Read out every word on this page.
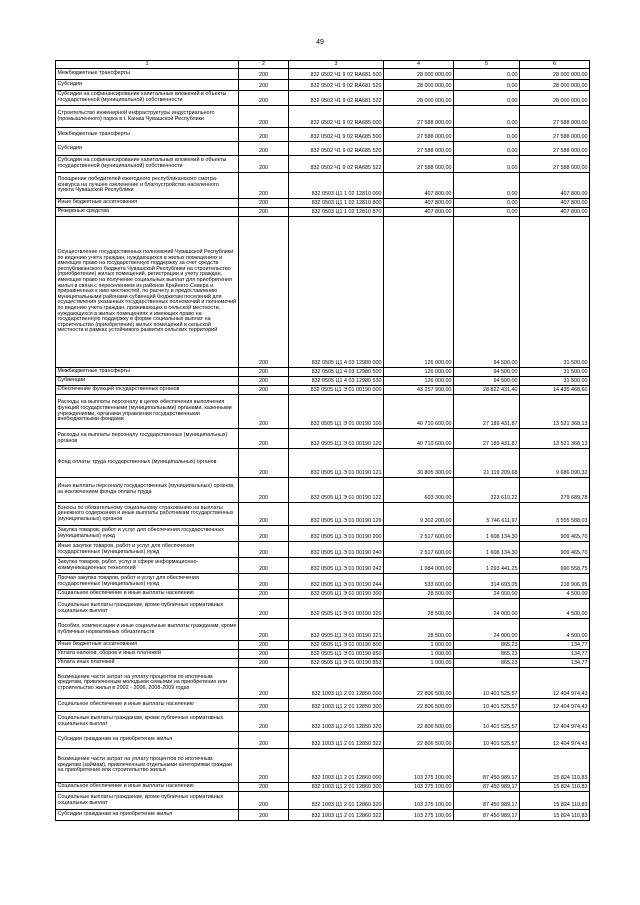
49
1	2	3	4	5	6
Межбюджетные трансферты	200	832 0502 Ч1 9 02 RA681 500	28 000 000,00	0,00	28 000 000,00
Субсидии	200	832 0502 Ч1 9 02 RA681 520	28 000 000,00	0,00	28 000 000,00
Субсидии на софинансирование капитальных вложений в объекты государственной (муниципальной) собственности	200	832 0502 Ч1 9 02 RA681 522	28 000 000,00	0,00	28 000 000,00
Строительство инженерной инфраструктуры индустриального (промышленного) парка в г. Канаш Чувашской Республики	200	832 0502 Ч1 9 02 RA685 000	27 588 000,00	0,00	27 588 000,00
Межбюджетные трансферты	200	832 0502 Ч1 9 02 RA685 500	27 588 000,00	0,00	27 588 000,00
Субсидии	200	832 0502 Ч1 9 02 RA685 520	27 588 000,00	0,00	27 588 000,00
Субсидии на софинансирование капитальных вложений в объекты государственной (муниципальной) собственности	200	832 0502 Ч1 9 02 RA685 522	27 588 000,00	0,00	27 588 000,00
Поощрение победителей ежегодного республиканского смотра-конкурса на лучшее озеленение и благоустройство населенного пункта Чувашской Республики	200	832 0503 Ц1 1 02 12810 000	407 800,00	0,00	407 800,00
Иные бюджетные ассигнования	200	832 0503 Ц1 1 02 12810 800	407 800,00	0,00	407 800,00
Резервные средства	200	832 0503 Ц1 1 02 12810 870	407 800,00	0,00	407 800,00
Осуществление государственных полномочий Чувашской Республики по ведению учета граждан, нуждающихся в жилых помещениях и имеющих право на государственную поддержку за счет средств республиканского бюджета Чувашской Республики на строительство (приобретение) жилых помещений, регистрации и учету граждан, имеющих право на получение социальных выплат для приобретения жилья в связи с переселением из районов Крайнего Севера и приравненных к ним местностей, по расчету и предоставлению муниципальными районами субвенций бюджетам поселений для осуществления указанных государственных полномочий и полномочий по ведению учета граждан, проживающих в сельской местности, нуждающихся в жилых помещениях и имеющих право на государственную поддержку в форме социальных выплат на строительство (приобретение) жилых помещений в сельской местности в рамках устойчивого развития сельских территорий	200	832 0505 Ц1 4 03 12980 000	126 000,00	94 500,00	31 500,00
Межбюджетные трансферты	200	832 0505 Ц1 4 03 12980 500	126 000,00	94 500,00	31 500,00
Субвенции	200	832 0505 Ц1 4 03 12980 530	126 000,00	94 500,00	31 500,00
Обеспечение функций государственных органов	200	832 0505 Ц1 Э 01 00190 000	43 257 900,00	28 822 431,40	14 435 468,60
Расходы на выплаты персоналу в целях обеспечения выполнения функций государственными (муниципальными) органами, казенными учреждениями, органами управления государственными внебюджетными фондами	200	832 0505 Ц1 Э 01 00190 100	40 710 600,00	27 189 431,87	13 521 368,13
Расходы на выплаты персоналу государственных (муниципальных) органов	200	832 0505 Ц1 Э 01 00190 120	40 710 600,00	27 189 431,87	13 521 368,13
Фонд оплаты труда государственных (муниципальных) органов	200	832 0505 Ц1 Э 01 00190 121	30 805 300,00	21 119 209,68	9 686 090,32
Иные выплаты персоналу государственных (муниципальных) органов, за исключением фонда оплаты труда	200	832 0505 Ц1 Э 01 00190 122	603 300,00	323 610,22	279 689,78
Взносы по обязательному социальному страхованию на выплаты денежного содержания и иные выплаты работникам государственных (муниципальных) органов	200	832 0505 Ц1 Э 01 00190 129	9 302 200,00	5 746 611,97	3 555 588,03
Закупка товаров, работ и услуг для обеспечения государственных (муниципальных) нужд	200	832 0505 Ц1 Э 01 00190 200	2 517 600,00	1 608 134,30	909 465,70
Иные закупки товаров, работ и услуг для обеспечения государственных (муниципальных) нужд	200	832 0505 Ц1 Э 01 00190 240	2 517 600,00	1 608 134,30	909 465,70
Закупка товаров, работ, услуг в сфере информационно-коммуникационных технологий	200	832 0505 Ц1 Э 01 00190 242	1 984 000,00	1 293 441,25	690 558,75
Прочая закупка товаров, работ и услуг для обеспечения государственных (муниципальных) нужд	200	832 0505 Ц1 Э 01 00190 244	533 600,00	314 693,05	218 906,95
Социальное обеспечение и иные выплаты населению	200	832 0505 Ц1 Э 01 00190 300	28 500,00	24 000,00	4 500,00
Социальные выплаты гражданам, кроме публичных нормативных социальных выплат	200	832 0505 Ц1 Э 01 00190 320	28 500,00	24 000,00	4 500,00
Пособия, компенсации и иные социальные выплаты гражданам, кроме публичных нормативных обязательств	200	832 0505 Ц1 Э 01 00190 321	28 500,00	24 000,00	4 500,00
Иные бюджетные ассигнования	200	832 0505 Ц1 Э 01 00190 800	1 000,00	865,23	134,77
Уплата налогов, сборов и иных платежей	200	832 0505 Ц1 Э 01 00190 850	1 000,00	865,23	134,77
Уплата иных платежей	200	832 0505 Ц1 Э 01 00190 853	1 000,00	865,23	134,77
Возмещение части затрат на уплату процентов по ипотечным кредитам, привлеченным молодыми семьями на приобретение или строительство жилья в 2002 - 2006, 2008-2009 годах	200	832 1003 Ц1 2 01 12850 000	22 806 500,00	10 401 525,57	12 404 974,43
Социальное обеспечение и иные выплаты населению	200	832 1003 Ц1 2 01 12850 300	22 806 500,00	10 401 525,57	12 404 974,43
Социальные выплаты гражданам, кроме публичных нормативных социальных выплат	200	832 1003 Ц1 2 01 12850 320	22 806 500,00	10 401 525,57	12 404 974,43
Субсидии гражданам на приобретение жилья	200	832 1003 Ц1 2 01 12850 322	22 806 500,00	10 401 525,57	12 404 974,43
Возмещение части затрат на уплату процентов по ипотечным кредитам (займам), привлеченным отдельными категориями граждан на приобретение или строительство жилья	200	832 1003 Ц1 2 01 12860 000	103 275 100,00	87 450 989,17	15 824 110,83
Социальное обеспечение и иные выплаты населению	200	832 1003 Ц1 2 01 12860 300	103 275 100,00	87 450 989,17	15 824 110,83
Социальные выплаты гражданам, кроме публичных нормативных социальных выплат	200	832 1003 Ц1 2 01 12860 320	103 275 100,00	87 450 989,17	15 824 110,83
Субсидии гражданам на приобретение жилья	200	832 1003 Ц1 2 01 12860 322	103 275 100,00	87 450 989,17	15 824 110,83
